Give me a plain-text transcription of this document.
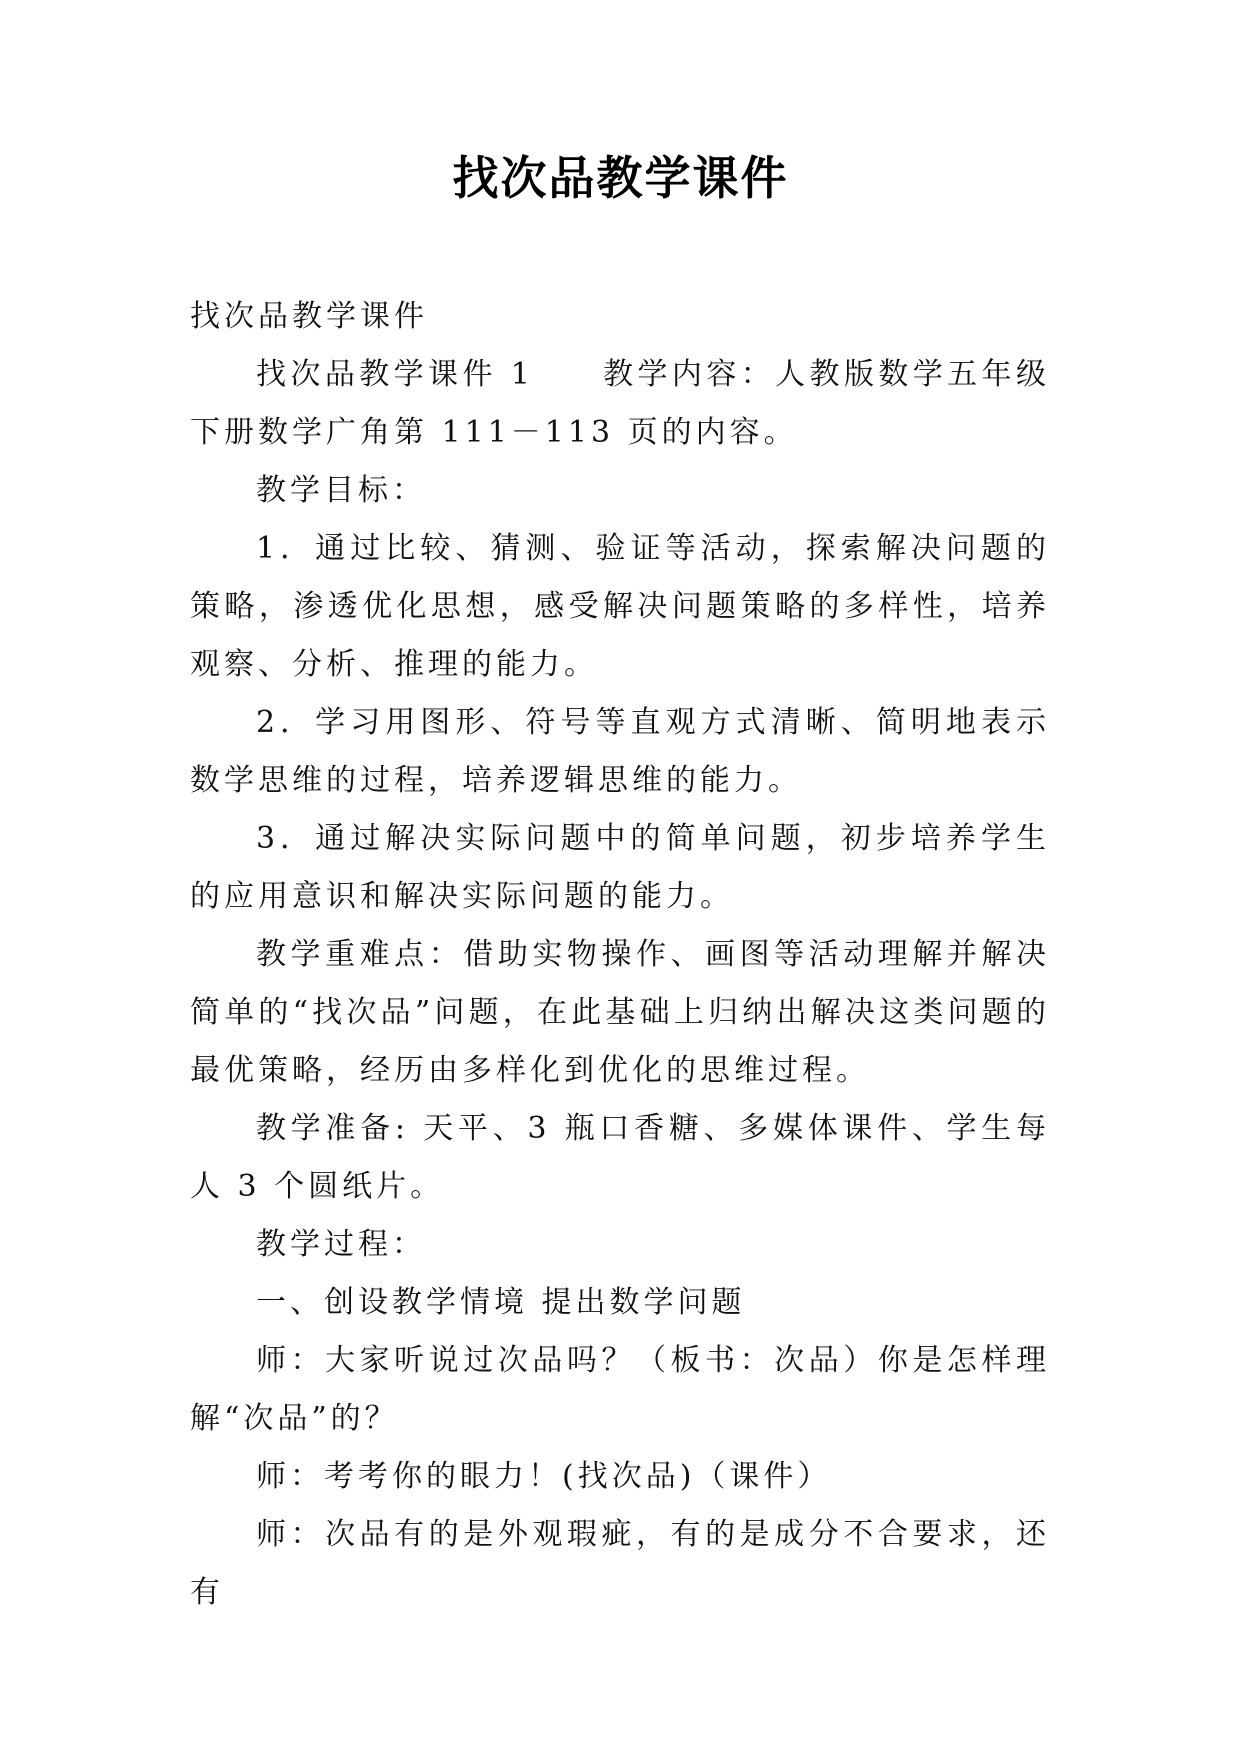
找次品教学课件

找次品教学课件

找次品教学课件 1　　教学内容：人教版数学五年级下册数学广角第 111－113 页的内容。

教学目标：

1．通过比较、猜测、验证等活动，探索解决问题的策略，渗透优化思想，感受解决问题策略的多样性，培养观察、分析、推理的能力。

2．学习用图形、符号等直观方式清晰、简明地表示数学思维的过程，培养逻辑思维的能力。

3．通过解决实际问题中的简单问题，初步培养学生的应用意识和解决实际问题的能力。

教学重难点：借助实物操作、画图等活动理解并解决简单的“找次品”问题，在此基础上归纳出解决这类问题的最优策略，经历由多样化到优化的思维过程。

教学准备: 天平、3 瓶口香糖、多媒体课件、学生每人 3 个圆纸片。

教学过程：

一、创设教学情境 提出数学问题

师：大家听说过次品吗？（板书：次品）你是怎样理解“次品”的？

师：考考你的眼力！(找次品)（课件）

师：次品有的是外观瑕疵，有的是成分不合要求，还有
